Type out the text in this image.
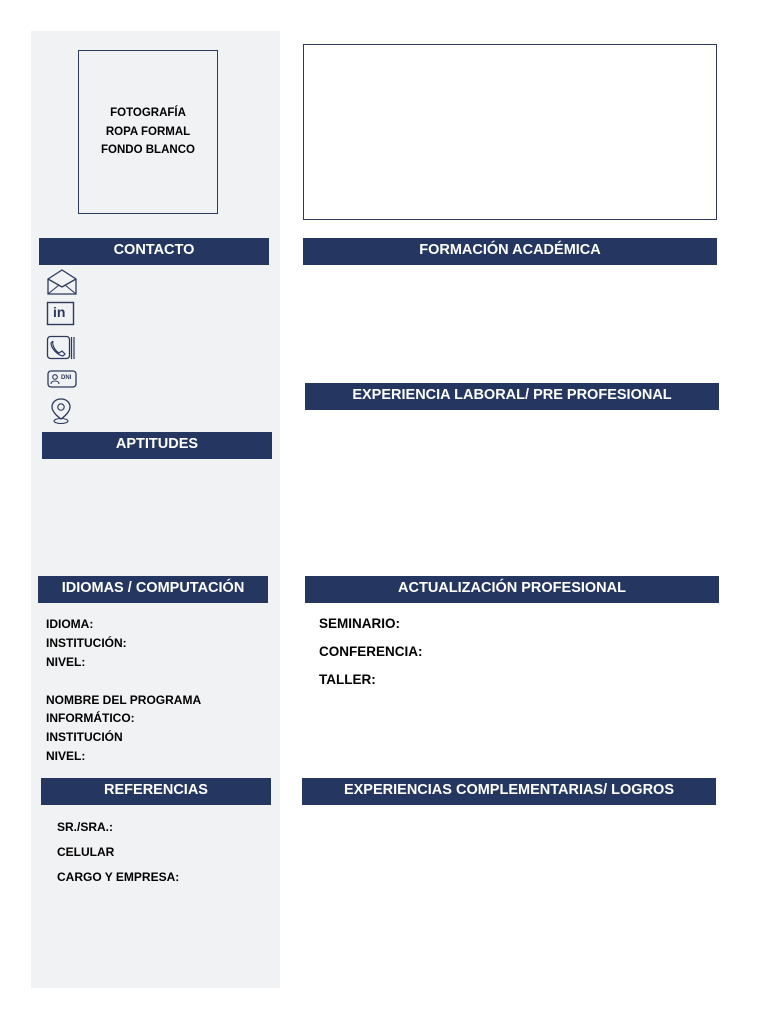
FOTOGRAFÍA
ROPA FORMAL
FONDO BLANCO
CONTACTO	FORMACIÓN ACADÉMICA
EXPERIENCIA LABORAL/ PRE PROFESIONAL
APTITUDES
IDIOMAS / COMPUTACIÓN	ACTUALIZACIÓN PROFESIONAL
REFERENCIAS	EXPERIENCIAS COMPLEMENTARIAS/ LOGROS
in
DNI
IDIOMA:
INSTITUCIÓN:
NIVEL:
NOMBRE DEL PROGRAMA
INFORMÁTICO:
INSTITUCIÓN
NIVEL:
SEMINARIO:
CONFERENCIA:
TALLER:
SR./SRA.:
CELULAR
CARGO Y EMPRESA:
